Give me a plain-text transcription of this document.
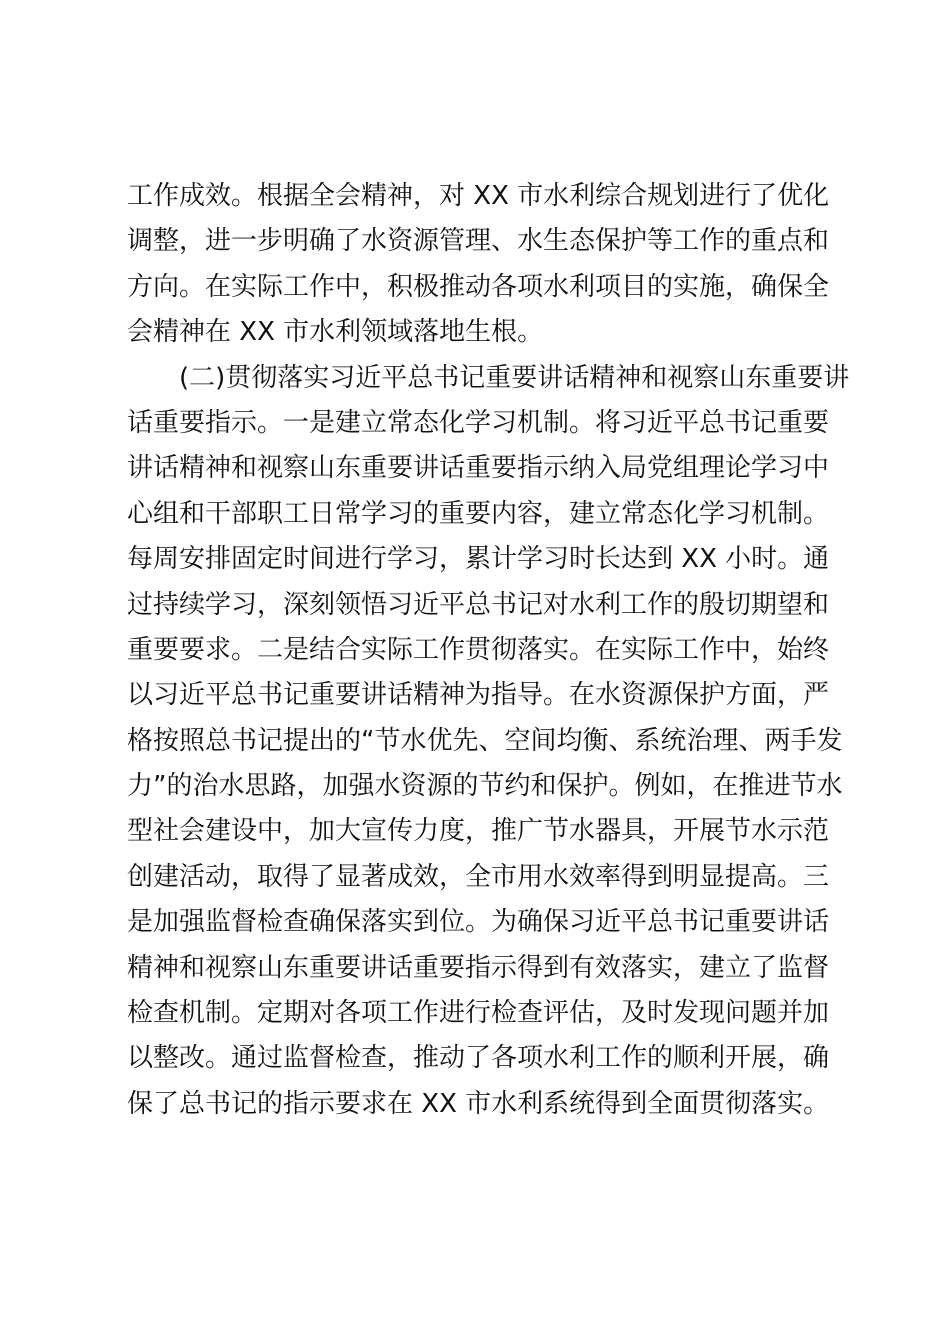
工作成效。根据全会精神，对 XX 市水利综合规划进行了优化
调整，进一步明确了水资源管理、水生态保护等工作的重点和
方向。在实际工作中，积极推动各项水利项目的实施，确保全
会精神在 XX 市水利领域落地生根。
(二)贯彻落实习近平总书记重要讲话精神和视察山东重要讲
话重要指示。一是建立常态化学习机制。将习近平总书记重要
讲话精神和视察山东重要讲话重要指示纳入局党组理论学习中
心组和干部职工日常学习的重要内容，建立常态化学习机制。
每周安排固定时间进行学习，累计学习时长达到 XX 小时。通
过持续学习，深刻领悟习近平总书记对水利工作的殷切期望和
重要要求。二是结合实际工作贯彻落实。在实际工作中，始终
以习近平总书记重要讲话精神为指导。在水资源保护方面，严
格按照总书记提出的“节水优先、空间均衡、系统治理、两手发
力”的治水思路，加强水资源的节约和保护。例如，在推进节水
型社会建设中，加大宣传力度，推广节水器具，开展节水示范
创建活动，取得了显著成效，全市用水效率得到明显提高。三
是加强监督检查确保落实到位。为确保习近平总书记重要讲话
精神和视察山东重要讲话重要指示得到有效落实，建立了监督
检查机制。定期对各项工作进行检查评估，及时发现问题并加
以整改。通过监督检查，推动了各项水利工作的顺利开展，确
保了总书记的指示要求在 XX 市水利系统得到全面贯彻落实。
